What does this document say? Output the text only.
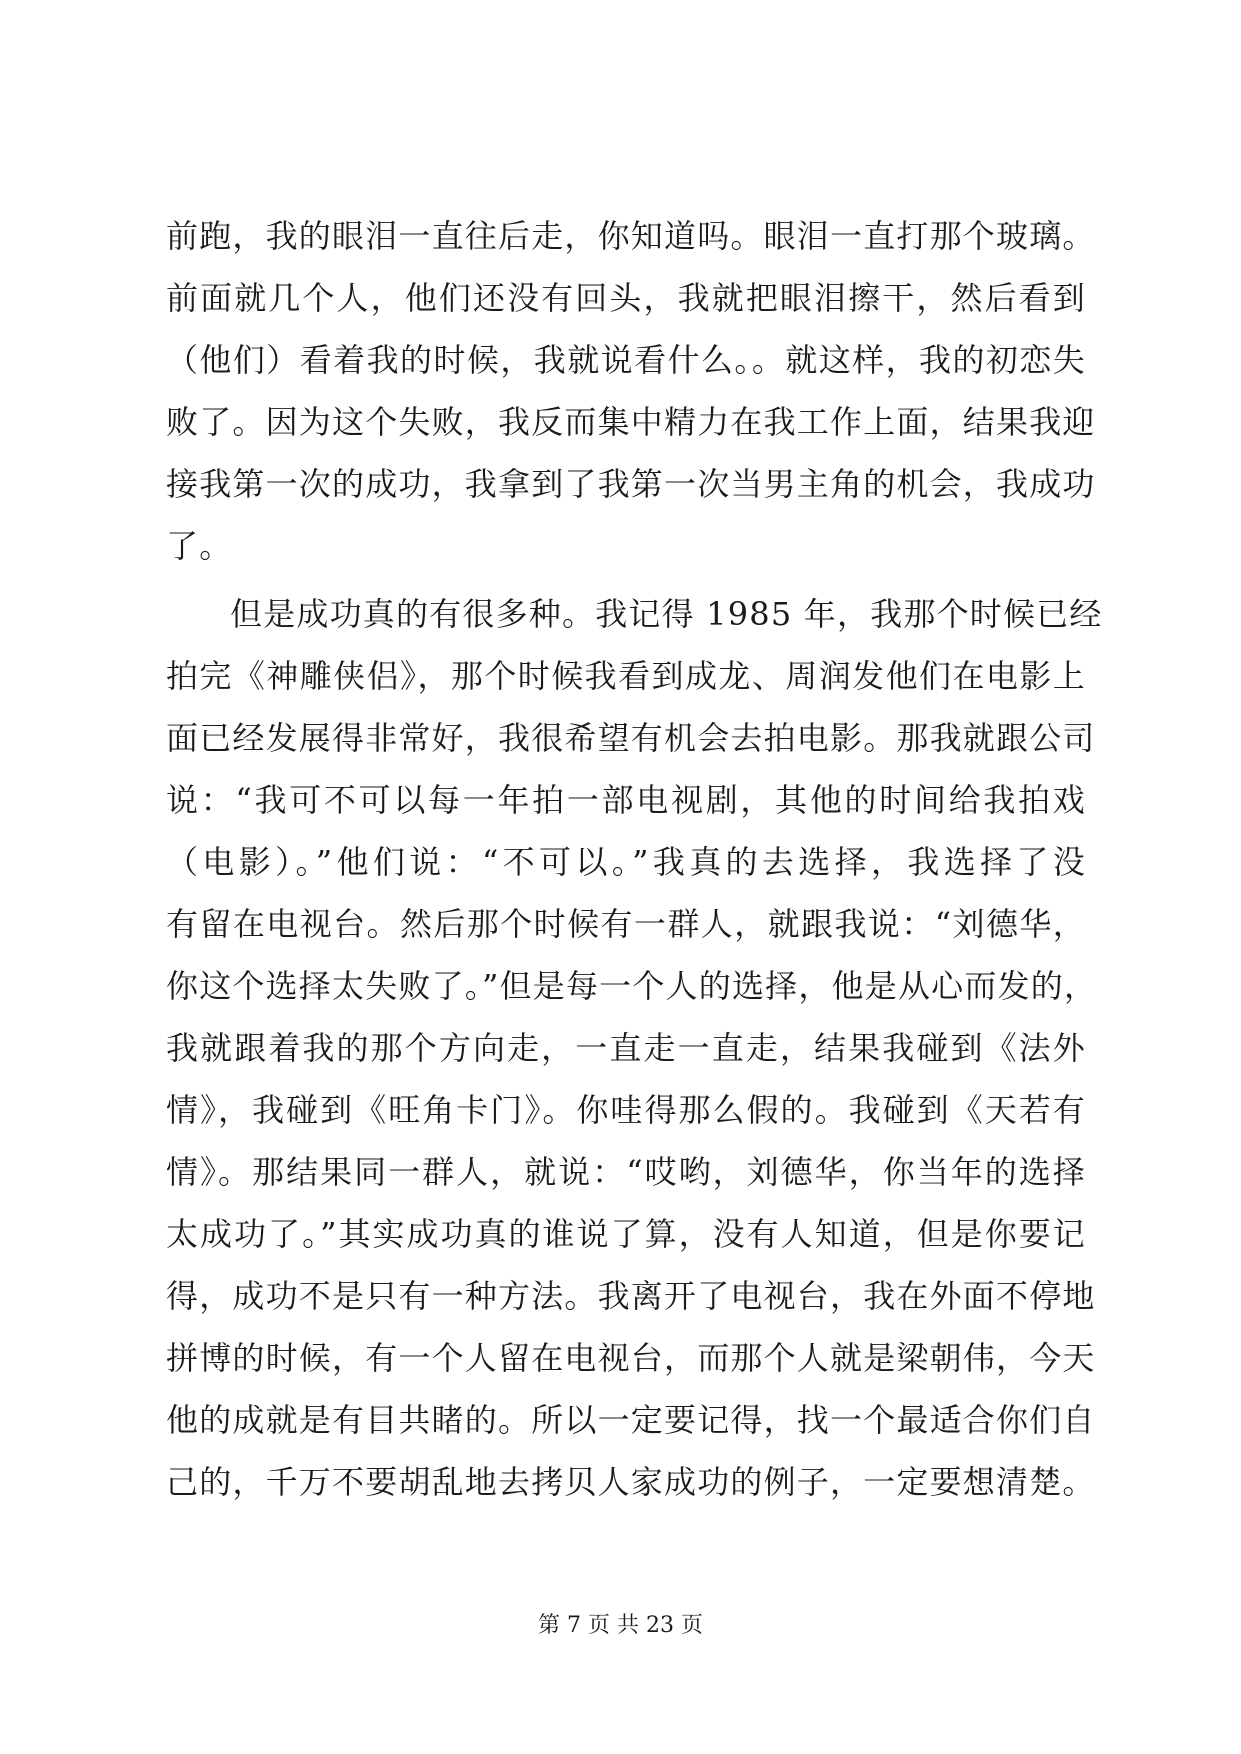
前跑，我的眼泪一直往后走，你知道吗。眼泪一直打那个玻璃。
前面就几个人，他们还没有回头，我就把眼泪擦干，然后看到
（他们）看着我的时候，我就说看什么。。就这样，我的初恋失
败了。因为这个失败，我反而集中精力在我工作上面，结果我迎
接我第一次的成功，我拿到了我第一次当男主角的机会，我成功
了。
但是成功真的有很多种。我记得 1985 年，我那个时候已经
拍完《神雕侠侣》，那个时候我看到成龙、周润发他们在电影上
面已经发展得非常好，我很希望有机会去拍电影。那我就跟公司
说：“我可不可以每一年拍一部电视剧，其他的时间给我拍戏
（电影）。”他们说：“不可以。”我真的去选择，我选择了没
有留在电视台。然后那个时候有一群人，就跟我说：“刘德华，
你这个选择太失败了。”但是每一个人的选择，他是从心而发的，
我就跟着我的那个方向走，一直走一直走，结果我碰到《法外
情》，我碰到《旺角卡门》。你哇得那么假的。我碰到《天若有
情》。那结果同一群人，就说：“哎哟，刘德华，你当年的选择
太成功了。”其实成功真的谁说了算，没有人知道，但是你要记
得，成功不是只有一种方法。我离开了电视台，我在外面不停地
拼博的时候，有一个人留在电视台，而那个人就是梁朝伟，今天
他的成就是有目共睹的。所以一定要记得，找一个最适合你们自
己的，千万不要胡乱地去拷贝人家成功的例子，一定要想清楚。
第 7 页 共 23 页
